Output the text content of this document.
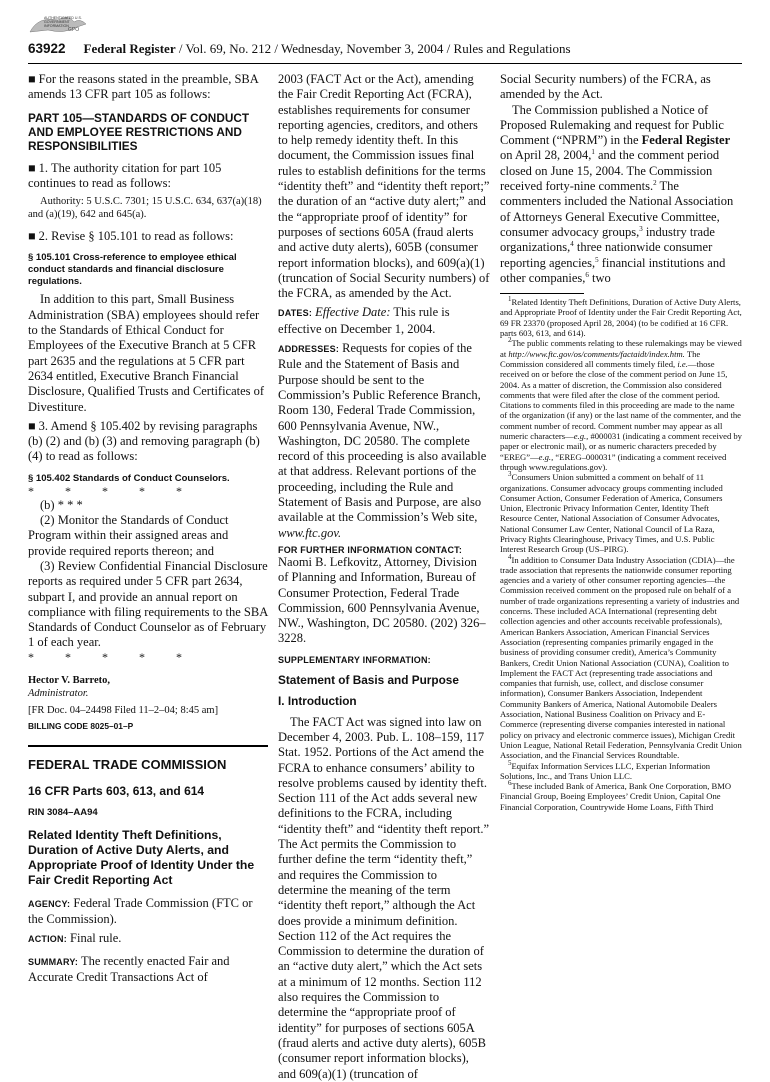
AUTHENTICATED U.S. GOVERNMENT INFORMATION
GPO
63922 Federal Register / Vol. 69, No. 212 / Wednesday, November 3, 2004 / Rules and Regulations

■ For the reasons stated in the preamble, SBA amends 13 CFR part 105 as follows:

PART 105—STANDARDS OF CONDUCT AND EMPLOYEE RESTRICTIONS AND RESPONSIBILITIES

■ 1. The authority citation for part 105 continues to read as follows:

Authority: 5 U.S.C. 7301; 15 U.S.C. 634, 637(a)(18) and (a)(19), 642 and 645(a).

■ 2. Revise § 105.101 to read as follows:

§ 105.101 Cross-reference to employee ethical conduct standards and financial disclosure regulations.

In addition to this part, Small Business Administration (SBA) employees should refer to the Standards of Ethical Conduct for Employees of the Executive Branch at 5 CFR part 2635 and the regulations at 5 CFR part 2634 entitled, Executive Branch Financial Disclosure, Qualified Trusts and Certificates of Divestiture.

■ 3. Amend § 105.402 by revising paragraphs (b) (2) and (b) (3) and removing paragraph (b) (4) to read as follows:

§ 105.402 Standards of Conduct Counselors.

* * * * *

(b) * * *

(2) Monitor the Standards of Conduct Program within their assigned areas and provide required reports thereon; and

(3) Review Confidential Financial Disclosure reports as required under 5 CFR part 2634, subpart I, and provide an annual report on compliance with filing requirements to the SBA Standards of Conduct Counselor as of February 1 of each year.

* * * * *

Hector V. Barreto,

Administrator.

[FR Doc. 04–24498 Filed 11–2–04; 8:45 am]

BILLING CODE 8025–01–P

FEDERAL TRADE COMMISSION

16 CFR Parts 603, 613, and 614

RIN 3084–AA94

Related Identity Theft Definitions, Duration of Active Duty Alerts, and Appropriate Proof of Identity Under the Fair Credit Reporting Act

AGENCY: Federal Trade Commission (FTC or the Commission).

ACTION: Final rule.

SUMMARY: The recently enacted Fair and Accurate Credit Transactions Act of

2003 (FACT Act or the Act), amending the Fair Credit Reporting Act (FCRA), establishes requirements for consumer reporting agencies, creditors, and others to help remedy identity theft. In this document, the Commission issues final rules to establish definitions for the terms “identity theft” and “identity theft report;” the duration of an “active duty alert;” and the “appropriate proof of identity” for purposes of sections 605A (fraud alerts and active duty alerts), 605B (consumer report information blocks), and 609(a)(1) (truncation of Social Security numbers) of the FCRA, as amended by the Act.

DATES: Effective Date: This rule is effective on December 1, 2004.

ADDRESSES: Requests for copies of the Rule and the Statement of Basis and Purpose should be sent to the Commission’s Public Reference Branch, Room 130, Federal Trade Commission, 600 Pennsylvania Avenue, NW., Washington, DC 20580. The complete record of this proceeding is also available at that address. Relevant portions of the proceeding, including the Rule and Statement of Basis and Purpose, are also available at the Commission’s Web site, www.ftc.gov.

FOR FURTHER INFORMATION CONTACT:

Naomi B. Lefkovitz, Attorney, Division of Planning and Information, Bureau of Consumer Protection, Federal Trade Commission, 600 Pennsylvania Avenue, NW., Washington, DC 20580. (202) 326–3228.

SUPPLEMENTARY INFORMATION:

Statement of Basis and Purpose

I. Introduction

The FACT Act was signed into law on December 4, 2003. Pub. L. 108–159, 117 Stat. 1952. Portions of the Act amend the FCRA to enhance consumers’ ability to resolve problems caused by identity theft. Section 111 of the Act adds several new definitions to the FCRA, including “identity theft” and “identity theft report.” The Act permits the Commission to further define the term “identity theft,” and requires the Commission to determine the meaning of the term “identity theft report,” although the Act does provide a minimum definition. Section 112 of the Act requires the Commission to determine the duration of an “active duty alert,” which the Act sets at a minimum of 12 months. Section 112 also requires the Commission to determine the “appropriate proof of identity” for purposes of sections 605A (fraud alerts and active duty alerts), 605B (consumer report information blocks), and 609(a)(1) (truncation of

Social Security numbers) of the FCRA, as amended by the Act.

The Commission published a Notice of Proposed Rulemaking and request for Public Comment (“NPRM”) in the Federal Register on April 28, 2004,$^1$ and the comment period closed on June 15, 2004. The Commission received forty-nine comments.$^2$ The commenters included the National Association of Attorneys General Executive Committee, consumer advocacy groups,$^3$ industry trade organizations,$^4$ three nationwide consumer reporting agencies,$^5$ financial institutions and other companies,$^6$ two

$^1$Related Identity Theft Definitions, Duration of Active Duty Alerts, and Appropriate Proof of Identity under the Fair Credit Reporting Act, 69 FR 23370 (proposed April 28, 2004) (to be codified at 16 CFR. parts 603, 613, and 614).

$^2$The public comments relating to these rulemakings may be viewed at http://www.ftc.gov/os/comments/factaidt/index.htm. The Commission considered all comments timely filed, i.e.—those received on or before the close of the comment period on June 15, 2004. As a matter of discretion, the Commission also considered comments that were filed after the close of the comment period. Citations to comments filed in this proceeding are made to the name of the organization (if any) or the last name of the commenter, and the comment number of record. Comment number may appear as all numeric characters—e.g., #000031 (indicating a comment received by paper or electronic mail), or as numeric characters preceded by “EREG”—e.g., “EREG–000031” (indicating a comment received through www.regulations.gov).

$^3$Consumers Union submitted a comment on behalf of 11 organizations. Consumer advocacy groups commenting included Consumer Action, Consumer Federation of America, Consumers Union, Electronic Privacy Information Center, Identity Theft Resource Center, National Association of Consumer Advocates, National Consumer Law Center, National Council of La Raza, Privacy Rights Clearinghouse, Privacy Times, and U.S. Public Interest Research Group (US–PIRG).

$^4$In addition to Consumer Data Industry Association (CDIA)—the trade association that represents the nationwide consumer reporting agencies and a variety of other consumer reporting agencies—the Commission received comment on the proposed rule on behalf of a number of trade organizations representing a variety of industries and concerns. These included ACA International (representing debt collection agencies and other accounts receivable professionals), American Bankers Association, American Financial Services Association (representing companies primarily engaged in the business of providing consumer credit), America’s Community Bankers, Credit Union National Association (CUNA), Coalition to Implement the FACT Act (representing trade associations and companies that furnish, use, collect, and disclose consumer information), Consumer Bankers Association, Independent Community Bankers of America, National Automobile Dealers Association, National Business Coalition on Privacy and E-Commerce (representing diverse companies interested in national policy on privacy and electronic commerce issues), Michigan Credit Union League, National Retail Federation, Pennsylvania Credit Union Association, and the Financial Services Roundtable.

$^5$Equifax Information Services LLC, Experian Information Solutions, Inc., and Trans Union LLC.

$^6$These included Bank of America, Bank One Corporation, BMO Financial Group, Boeing Employees’ Credit Union, Capital One Financial Corporation, Countrywide Home Loans, Fifth Third
